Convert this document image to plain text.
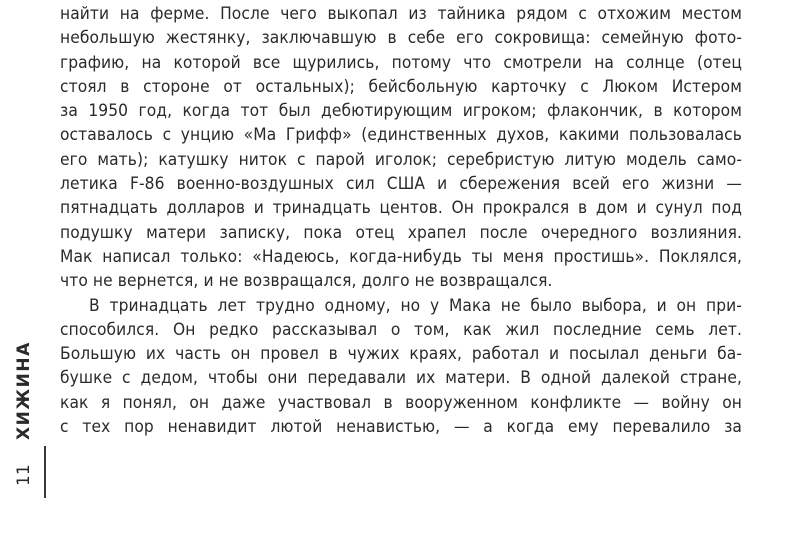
найти на ферме. После чего выкопал из тайника рядом с отхожим местом
небольшую жестянку, заключавшую в себе его сокровища: семейную фото-
графию, на которой все щурились, потому что смотрели на солнце (отец
стоял в стороне от остальных); бейсбольную карточку с Люком Истером
за 1950 год, когда тот был дебютирующим игроком; флакончик, в котором
оставалось с унцию «Ма Грифф» (единственных духов, какими пользовалась
его мать); катушку ниток с парой иголок; серебристую литую модель само-
летика F-86 военно-воздушных сил США и сбережения всей его жизни —
пятнадцать долларов и тринадцать центов. Он прокрался в дом и сунул под
подушку матери записку, пока отец храпел после очередного возлияния.
Мак написал только: «Надеюсь, когда-нибудь ты меня простишь». Поклялся,
что не вернется, и не возвращался, долго не возвращался.
В тринадцать лет трудно одному, но у Мака не было выбора, и он при-
способился. Он редко рассказывал о том, как жил последние семь лет.
Большую их часть он провел в чужих краях, работал и посылал деньги ба-
бушке с дедом, чтобы они передавали их матери. В одной далекой стране,
как я понял, он даже участвовал в вооруженном конфликте — войну он
с тех пор ненавидит лютой ненавистью, — а когда ему перевалило за
ХИЖИНА
11
